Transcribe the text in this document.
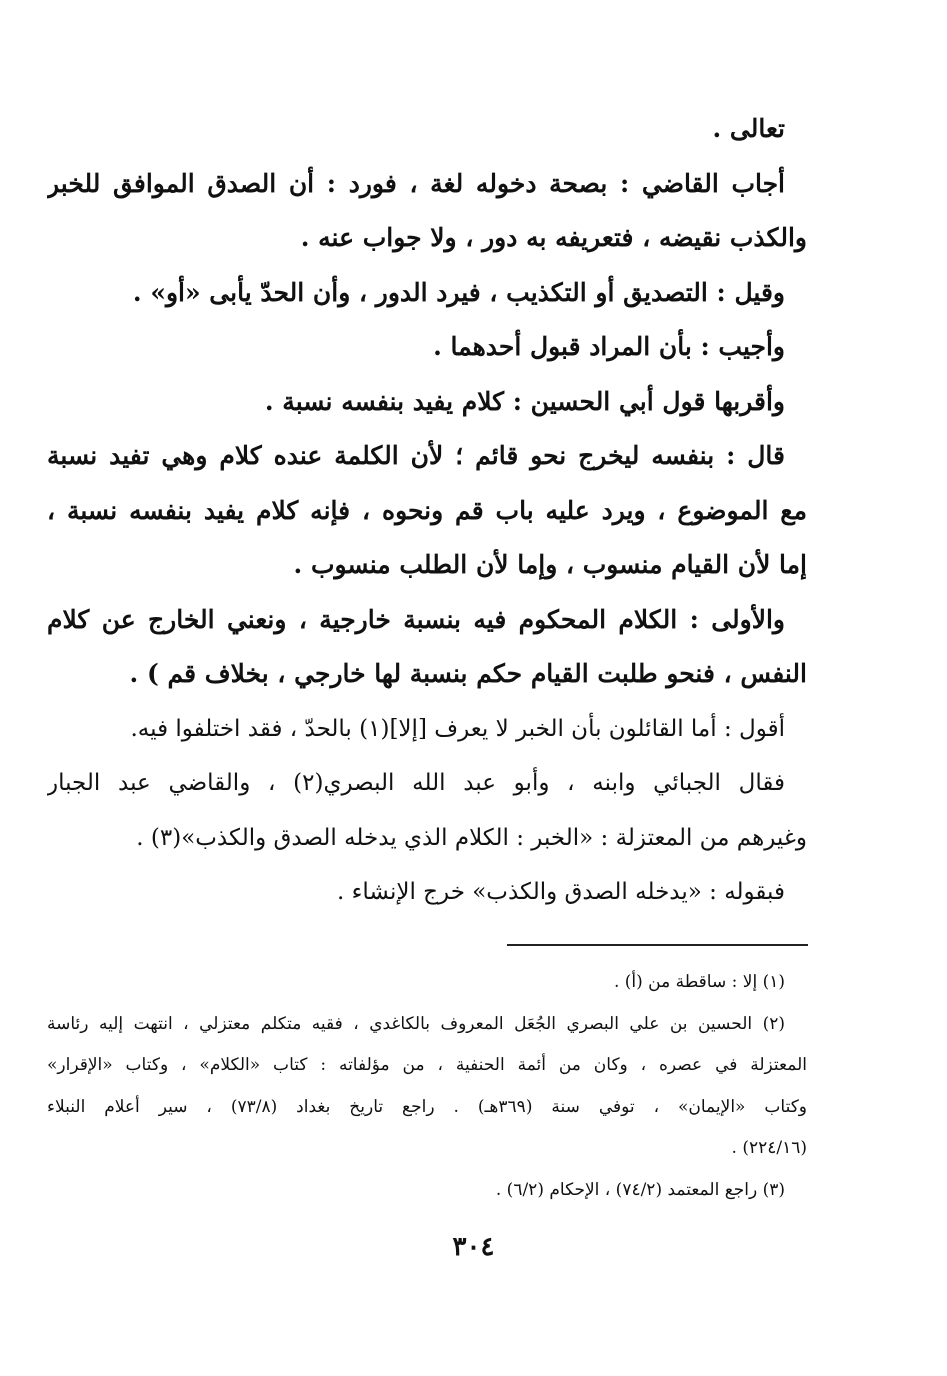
تعالى .
أجاب القاضي : بصحة دخوله لغة ، فورد : أن الصدق الموافق للخبر
والكذب نقيضه ، فتعريفه به دور ، ولا جواب عنه .
وقيل : التصديق أو التكذيب ، فيرد الدور ، وأن الحدّ يأبى «أو» .
وأجيب : بأن المراد قبول أحدهما .
وأقربها قول أبي الحسين : كلام يفيد بنفسه نسبة .
قال : بنفسه ليخرج نحو قائم ؛ لأن الكلمة عنده كلام وهي تفيد نسبة
مع الموضوع ، ويرد عليه باب قم ونحوه ، فإنه كلام يفيد بنفسه نسبة ،
إما لأن القيام منسوب ، وإما لأن الطلب منسوب .
والأولى : الكلام المحكوم فيه بنسبة خارجية ، ونعني الخارج عن كلام
النفس ، فنحو طلبت القيام حكم بنسبة لها خارجي ، بخلاف قم ) .
أقول : أما القائلون بأن الخبر لا يعرف [إلا](١) بالحدّ ، فقد اختلفوا فيه.
فقال الجبائي وابنه ، وأبو عبد الله البصري(٢) ، والقاضي عبد الجبار
وغيرهم من المعتزلة : «الخبر : الكلام الذي يدخله الصدق والكذب»(٣) .
فبقوله : «يدخله الصدق والكذب» خرج الإنشاء .
(١) إلا : ساقطة من (أ) .
(٢) الحسين بن علي البصري الجُعَل المعروف بالكاغدي ، فقيه متكلم معتزلي ، انتهت إليه رئاسة
المعتزلة في عصره ، وكان من أئمة الحنفية ، من مؤلفاته : كتاب «الكلام» ، وكتاب «الإقرار»
وكتاب «الإيمان» ، توفي سنة (٣٦٩هـ) . راجع تاريخ بغداد (٧٣/٨) ، سير أعلام النبلاء
(٢٢٤/١٦) .
(٣) راجع المعتمد (٧٤/٢) ، الإحكام (٦/٢) .
٣٠٤
